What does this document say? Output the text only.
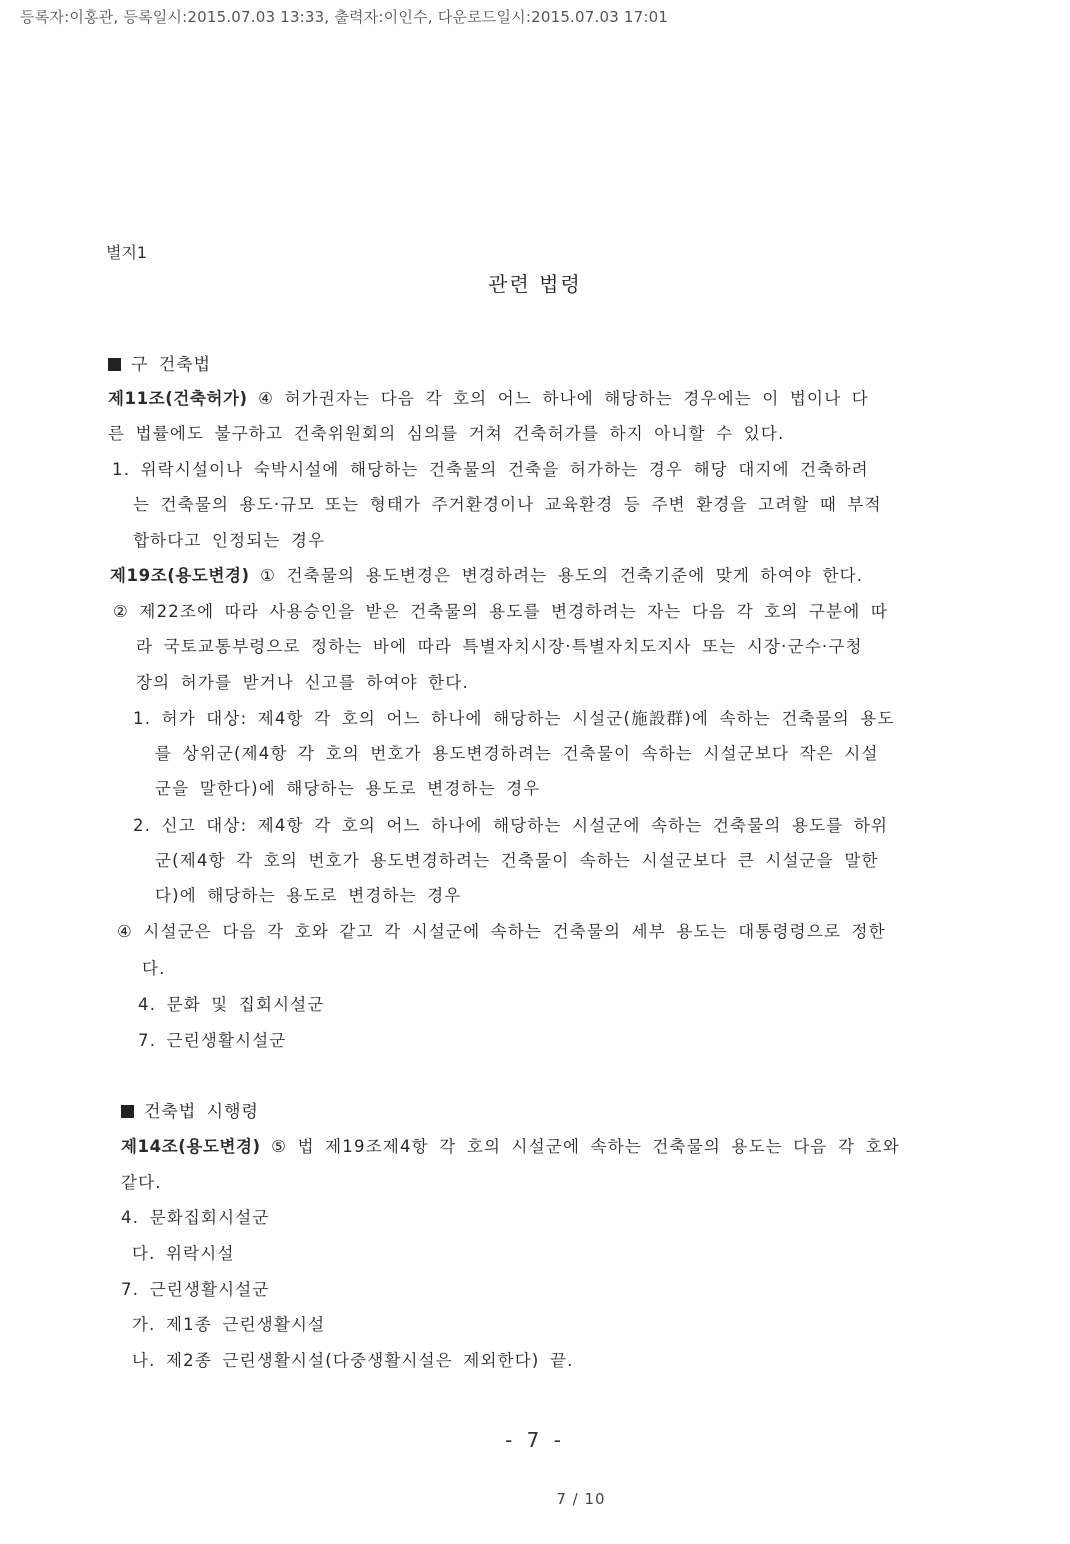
등록자:이홍관, 등록일시:2015.07.03 13:33, 출력자:이인수, 다운로드일시:2015.07.03 17:01
별지1
관련 법령
구 건축법
제11조(건축허가) ④ 허가권자는 다음 각 호의 어느 하나에 해당하는 경우에는 이 법이나 다
른 법률에도 불구하고 건축위원회의 심의를 거쳐 건축허가를 하지 아니할 수 있다.
1. 위락시설이나 숙박시설에 해당하는 건축물의 건축을 허가하는 경우 해당 대지에 건축하려
는 건축물의 용도·규모 또는 형태가 주거환경이나 교육환경 등 주변 환경을 고려할 때 부적
합하다고 인정되는 경우
제19조(용도변경) ① 건축물의 용도변경은 변경하려는 용도의 건축기준에 맞게 하여야 한다.
② 제22조에 따라 사용승인을 받은 건축물의 용도를 변경하려는 자는 다음 각 호의 구분에 따
라 국토교통부령으로 정하는 바에 따라 특별자치시장·특별자치도지사 또는 시장·군수·구청
장의 허가를 받거나 신고를 하여야 한다.
1. 허가 대상: 제4항 각 호의 어느 하나에 해당하는 시설군(施設群)에 속하는 건축물의 용도
를 상위군(제4항 각 호의 번호가 용도변경하려는 건축물이 속하는 시설군보다 작은 시설
군을 말한다)에 해당하는 용도로 변경하는 경우
2. 신고 대상: 제4항 각 호의 어느 하나에 해당하는 시설군에 속하는 건축물의 용도를 하위
군(제4항 각 호의 번호가 용도변경하려는 건축물이 속하는 시설군보다 큰 시설군을 말한
다)에 해당하는 용도로 변경하는 경우
④ 시설군은 다음 각 호와 같고 각 시설군에 속하는 건축물의 세부 용도는 대통령령으로 정한
다.
4. 문화 및 집회시설군
7. 근린생활시설군
건축법 시행령
제14조(용도변경) ⑤ 법 제19조제4항 각 호의 시설군에 속하는 건축물의 용도는 다음 각 호와
같다.
4. 문화집회시설군
다. 위락시설
7. 근린생활시설군
가. 제1종 근린생활시설
나. 제2종 근린생활시설(다중생활시설은 제외한다) 끝.
- 7 -
7 / 10
